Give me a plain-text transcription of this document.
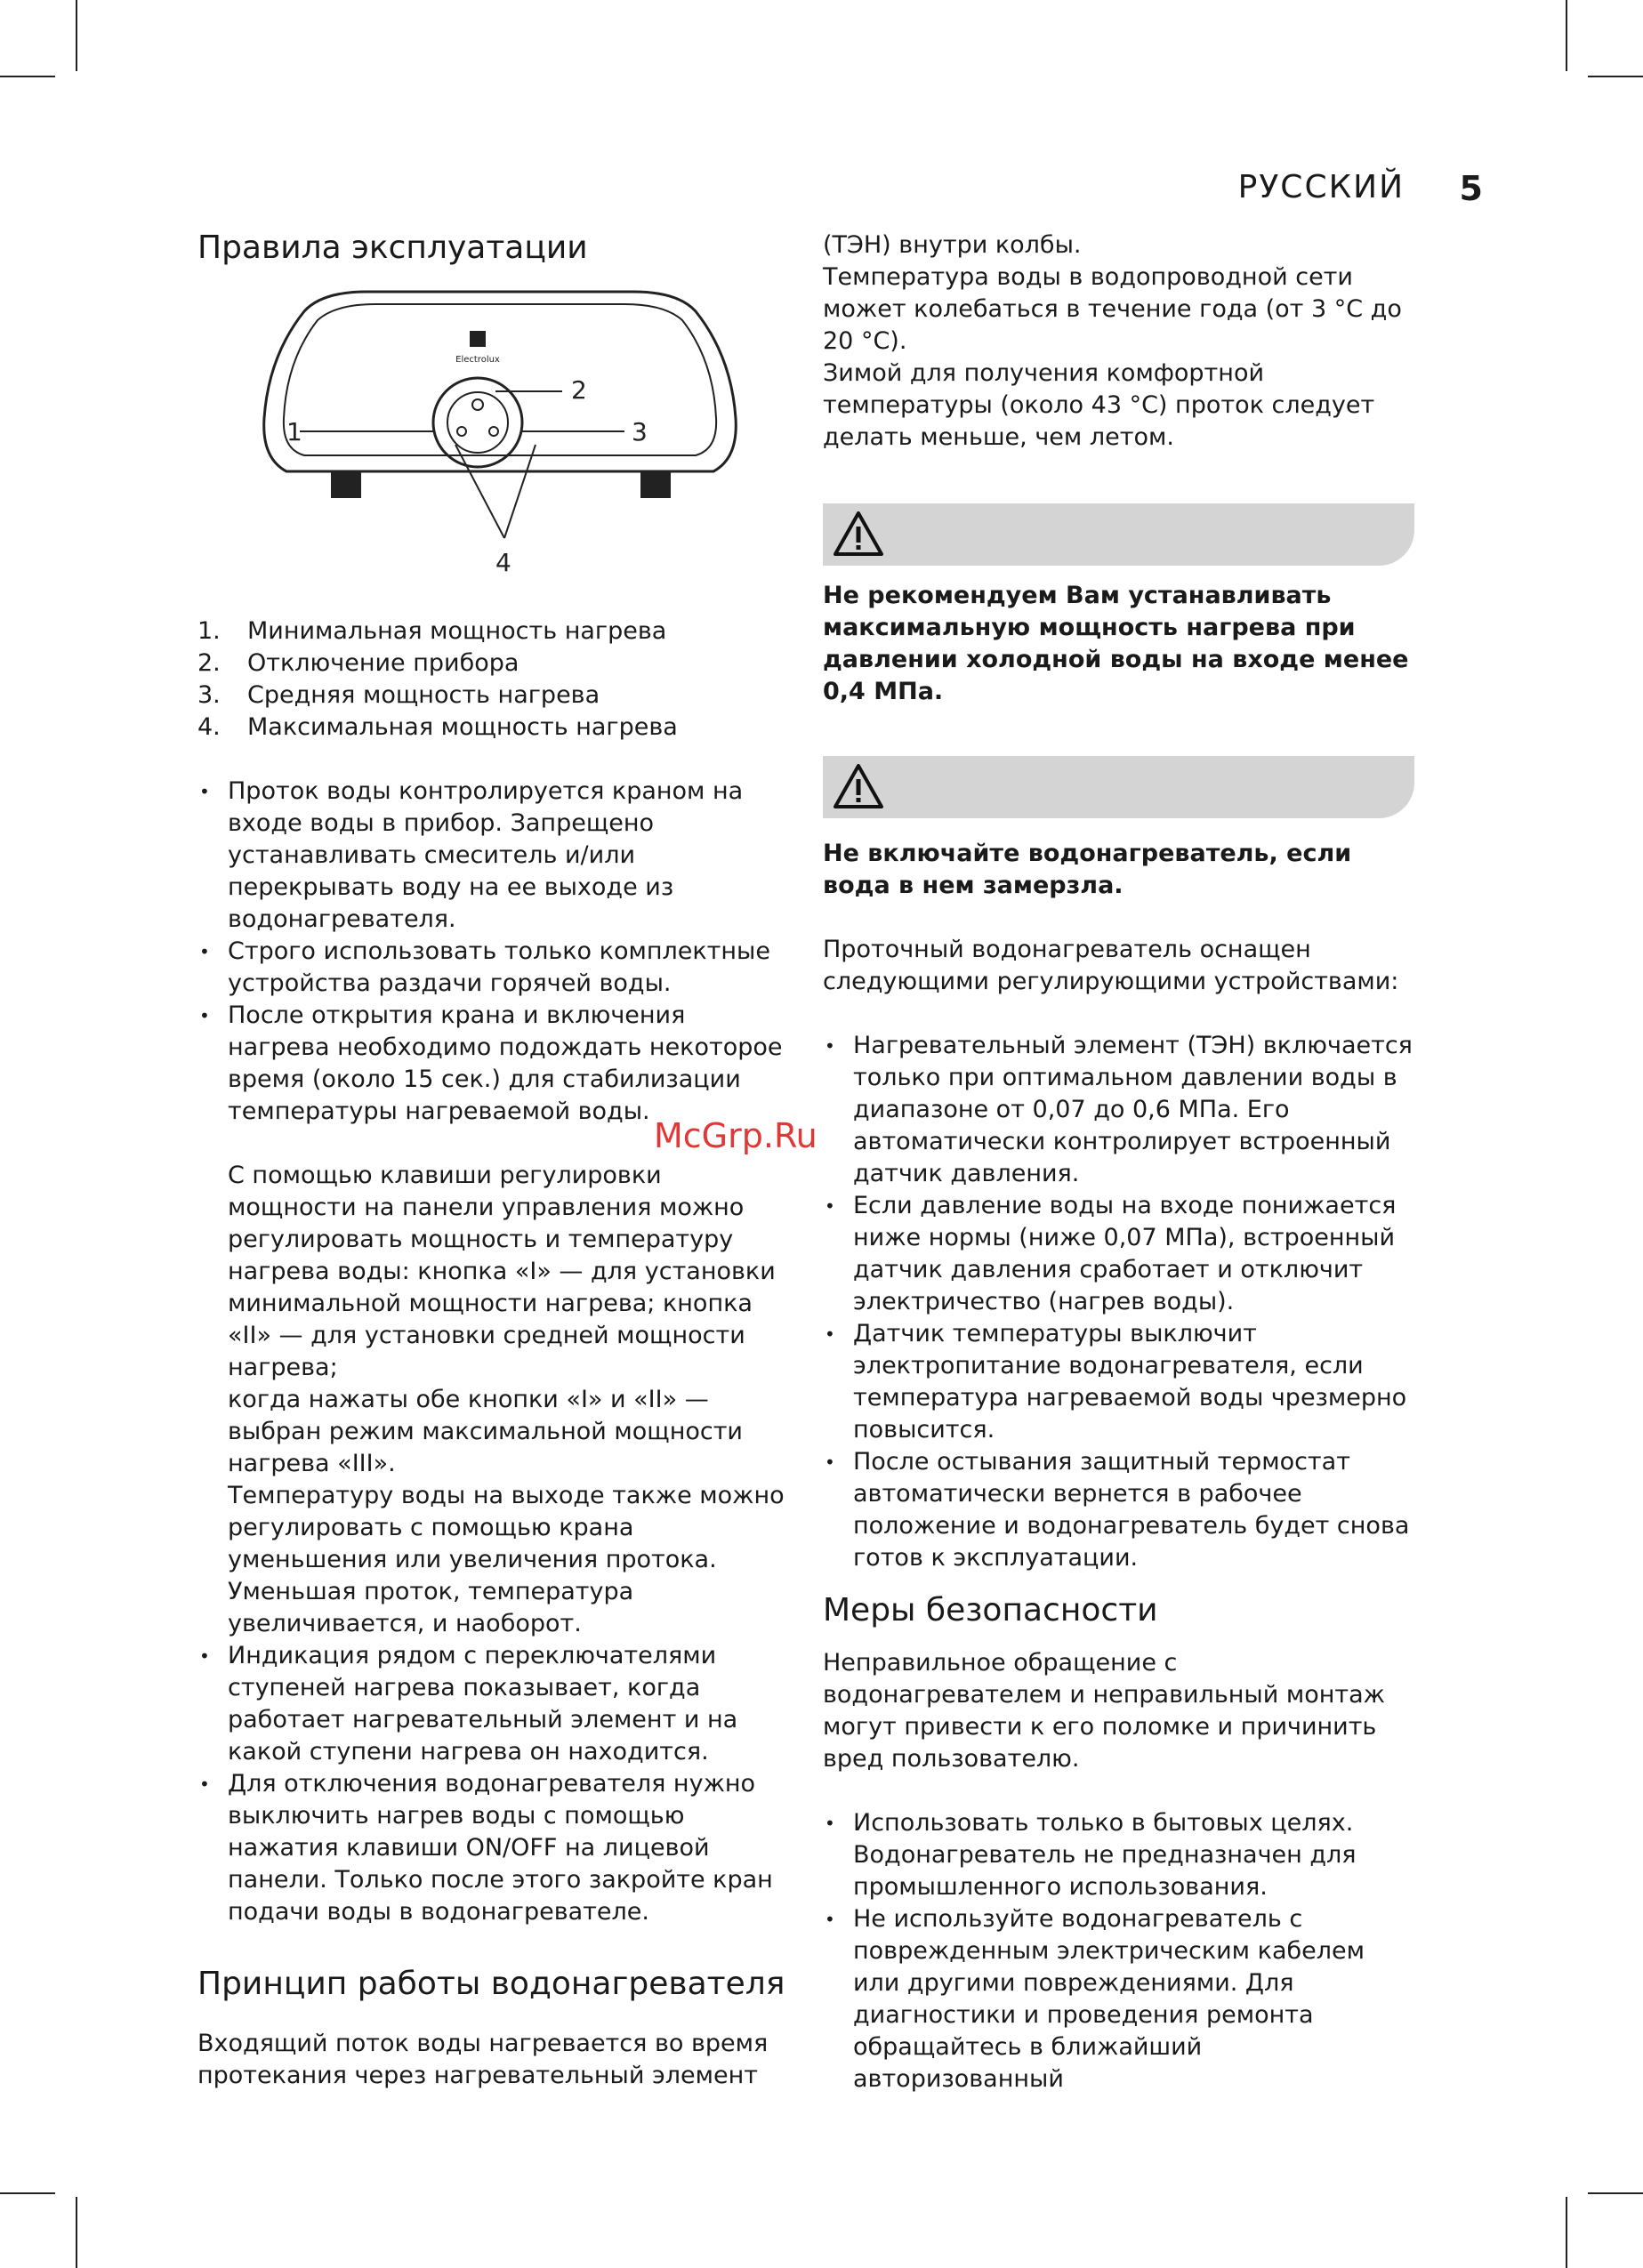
РУССКИЙ 5
McGrp.Ru
Правила эксплуатации
Electrolux
1
2
3
4
1.	Минимальная мощность нагрева
2.	Отключение прибора
3.	Средняя мощность нагрева
4.	Максимальная мощность нагрева
• Проток воды контролируется краном на входе воды в прибор. Запрещено устанавливать смеситель и/или перекрывать воду на ее выходе из водонагревателя.
• Строго использовать только комплектные устройства раздачи горячей воды.
• После открытия крана и включения нагрева необходимо подождать некоторое время (около 15 сек.) для стабилизации температуры нагреваемой воды.

С помощью клавиши регулировки мощности на панели управления можно регулировать мощность и температуру нагрева воды: кнопка «I» — для установки минимальной мощности нагрева; кнопка «II» — для установки средней мощности нагрева;

когда нажаты обе кнопки «I» и «II» — выбран режим максимальной мощности нагрева «III».

Температуру воды на выходе также можно регулировать с помощью крана уменьшения или увеличения протока. Уменьшая проток, температура увеличивается, и наоборот.

• Индикация рядом с переключателями ступеней нагрева показывает, когда работает нагревательный элемент и на какой ступени нагрева он находится.
• Для отключения водонагревателя нужно выключить нагрев воды с помощью нажатия клавиши ON/OFF на лицевой панели. Только после этого закройте кран подачи воды в водонагревателе.
Принцип работы водонагревателя

Входящий поток воды нагревается во время протекания через нагревательный элемент

(ТЭН) внутри колбы.

Температура воды в водопроводной сети может колебаться в течение года (от 3 °С до 20 °С).

Зимой для получения комфортной температуры (около 43 °С) проток следует делать меньше, чем летом.

Не рекомендуем Вам устанавливать максимальную мощность нагрева при давлении холодной воды на входе менее 0,4 МПа.

Не включайте водонагреватель, если вода в нем замерзла.

Проточный водонагреватель оснащен следующими регулирующими устройствами:

• Нагревательный элемент (ТЭН) включается только при оптимальном давлении воды в диапазоне от 0,07 до 0,6 МПа. Его автоматически контролирует встроенный датчик давления.
• Если давление воды на входе понижается ниже нормы (ниже 0,07 МПа), встроенный датчик давления сработает и отключит электричество (нагрев воды).
• Датчик температуры выключит электропитание водонагревателя, если температура нагреваемой воды чрезмерно повысится.
• После остывания защитный термостат автоматически вернется в рабочее положение и водонагреватель будет снова готов к эксплуатации.
Меры безопасности

Неправильное обращение с водонагревателем и неправильный монтаж могут привести к его поломке и причинить вред пользователю.

• Использовать только в бытовых целях. Водонагреватель не предназначен для промышленного использования.
• Не используйте водонагреватель с поврежденным электрическим кабелем или другими повреждениями. Для диагностики и проведения ремонта обращайтесь в ближайший авторизованный
